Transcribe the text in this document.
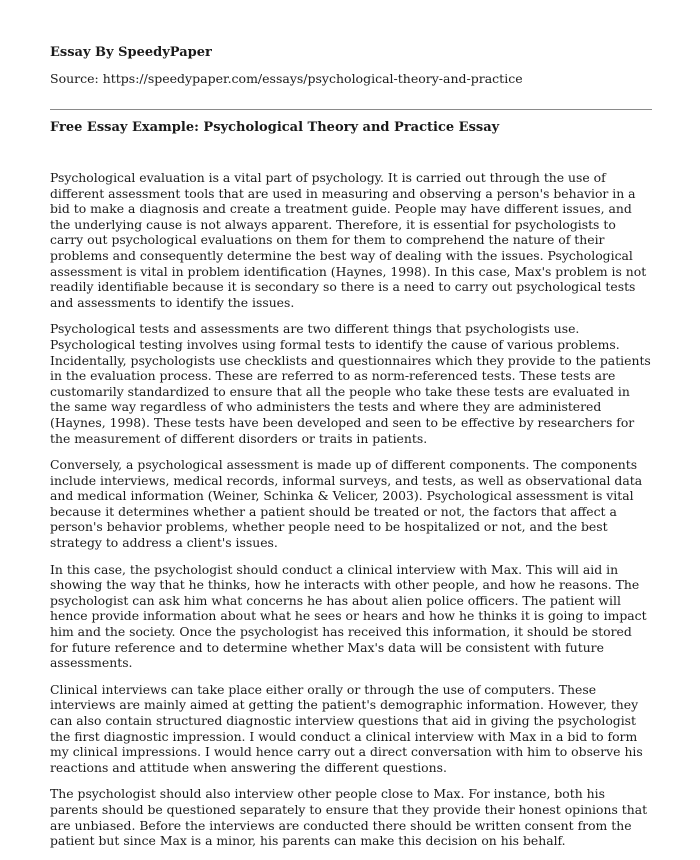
Essay By SpeedyPaper
Source: https://speedypaper.com/essays/psychological-theory-and-practice
Free Essay Example: Psychological Theory and Practice Essay

Psychological evaluation is a vital part of psychology. It is carried out through the use of different assessment tools that are used in measuring and observing a person's behavior in a bid to make a diagnosis and create a treatment guide. People may have different issues, and the underlying cause is not always apparent. Therefore, it is essential for psychologists to carry out psychological evaluations on them for them to comprehend the nature of their problems and consequently determine the best way of dealing with the issues. Psychological assessment is vital in problem identification (Haynes, 1998). In this case, Max's problem is not readily identifiable because it is secondary so there is a need to carry out psychological tests and assessments to identify the issues.

Psychological tests and assessments are two different things that psychologists use. Psychological testing involves using formal tests to identify the cause of various problems. Incidentally, psychologists use checklists and questionnaires which they provide to the patients in the evaluation process. These are referred to as norm-referenced tests. These tests are customarily standardized to ensure that all the people who take these tests are evaluated in the same way regardless of who administers the tests and where they are administered (Haynes, 1998). These tests have been developed and seen to be effective by researchers for the measurement of different disorders or traits in patients.

Conversely, a psychological assessment is made up of different components. The components include interviews, medical records, informal surveys, and tests, as well as observational data and medical information (Weiner, Schinka & Velicer, 2003). Psychological assessment is vital because it determines whether a patient should be treated or not, the factors that affect a person's behavior problems, whether people need to be hospitalized or not, and the best strategy to address a client's issues.

In this case, the psychologist should conduct a clinical interview with Max. This will aid in showing the way that he thinks, how he interacts with other people, and how he reasons. The psychologist can ask him what concerns he has about alien police officers. The patient will hence provide information about what he sees or hears and how he thinks it is going to impact him and the society. Once the psychologist has received this information, it should be stored for future reference and to determine whether Max's data will be consistent with future assessments.

Clinical interviews can take place either orally or through the use of computers. These interviews are mainly aimed at getting the patient's demographic information. However, they can also contain structured diagnostic interview questions that aid in giving the psychologist the first diagnostic impression. I would conduct a clinical interview with Max in a bid to form my clinical impressions. I would hence carry out a direct conversation with him to observe his reactions and attitude when answering the different questions.

The psychologist should also interview other people close to Max. For instance, both his parents should be questioned separately to ensure that they provide their honest opinions that are unbiased. Before the interviews are conducted there should be written consent from the patient but since Max is a minor, his parents can make this decision on his behalf.
